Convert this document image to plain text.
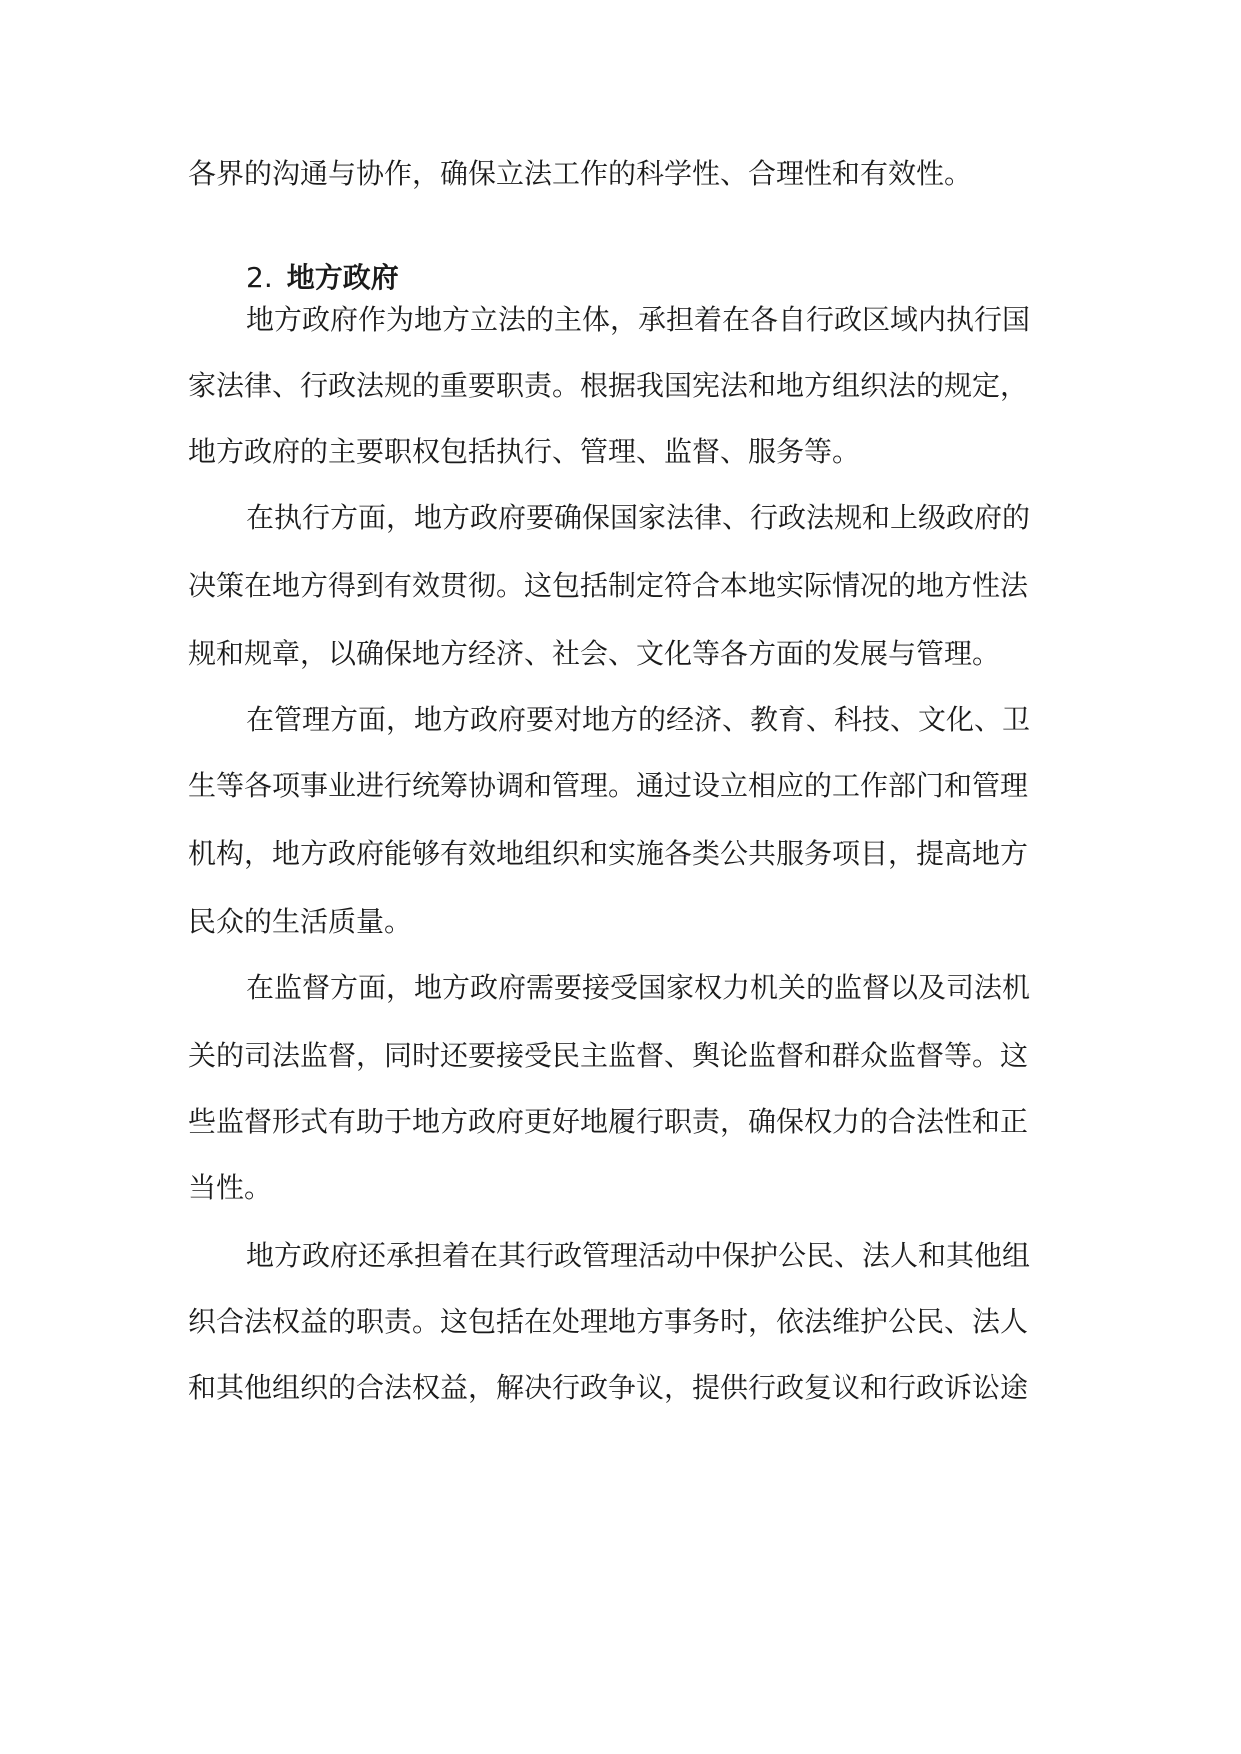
各界的沟通与协作，确保立法工作的科学性、合理性和有效性。
2. 地方政府
地方政府作为地方立法的主体，承担着在各自行政区域内执行国
家法律、行政法规的重要职责。根据我国宪法和地方组织法的规定，
地方政府的主要职权包括执行、管理、监督、服务等。
在执行方面，地方政府要确保国家法律、行政法规和上级政府的
决策在地方得到有效贯彻。这包括制定符合本地实际情况的地方性法
规和规章，以确保地方经济、社会、文化等各方面的发展与管理。
在管理方面，地方政府要对地方的经济、教育、科技、文化、卫
生等各项事业进行统筹协调和管理。通过设立相应的工作部门和管理
机构，地方政府能够有效地组织和实施各类公共服务项目，提高地方
民众的生活质量。
在监督方面，地方政府需要接受国家权力机关的监督以及司法机
关的司法监督，同时还要接受民主监督、舆论监督和群众监督等。这
些监督形式有助于地方政府更好地履行职责，确保权力的合法性和正
当性。
地方政府还承担着在其行政管理活动中保护公民、法人和其他组
织合法权益的职责。这包括在处理地方事务时，依法维护公民、法人
和其他组织的合法权益，解决行政争议，提供行政复议和行政诉讼途
